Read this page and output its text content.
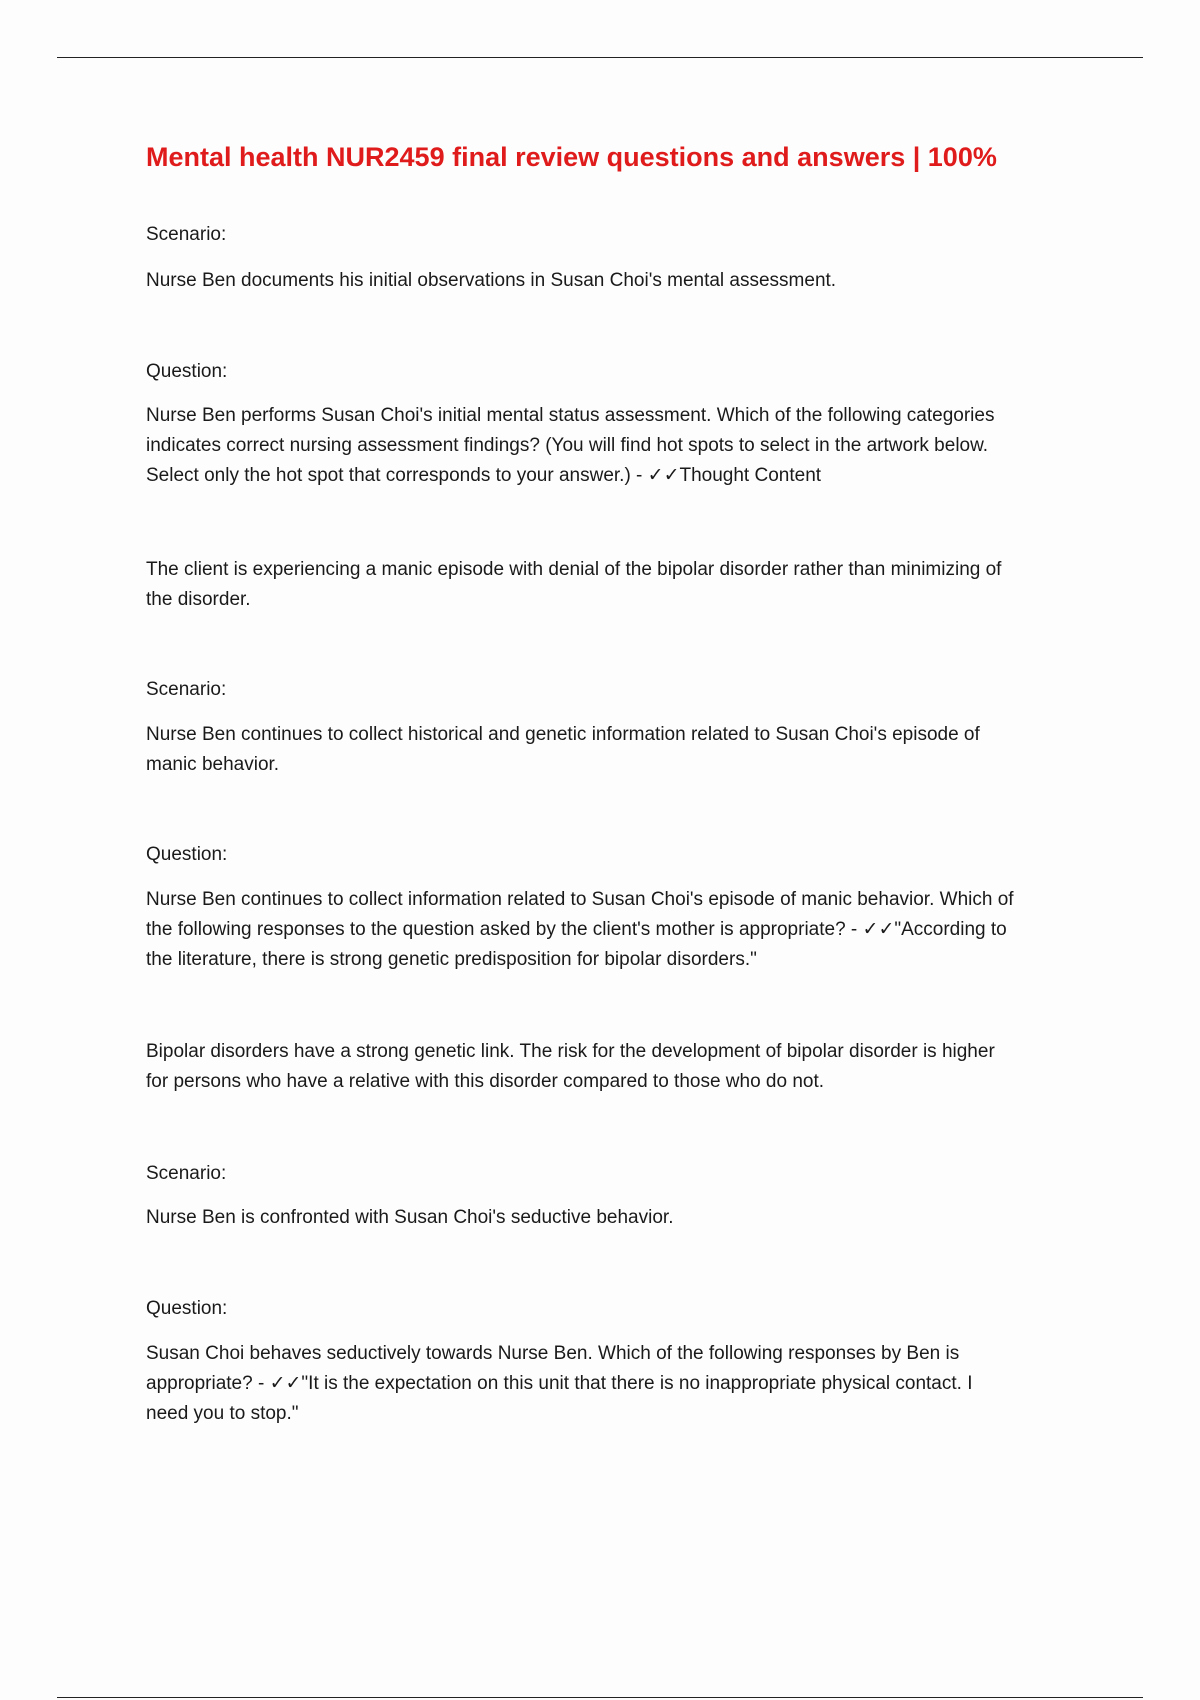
Mental health NUR2459 final review questions and answers | 100%

Scenario:

Nurse Ben documents his initial observations in Susan Choi's mental assessment.

Question:

Nurse Ben performs Susan Choi's initial mental status assessment. Which of the following categories
indicates correct nursing assessment findings? (You will find hot spots to select in the artwork below.
Select only the hot spot that corresponds to your answer.) - ✓✓Thought Content

The client is experiencing a manic episode with denial of the bipolar disorder rather than minimizing of
the disorder.

Scenario:

Nurse Ben continues to collect historical and genetic information related to Susan Choi's episode of
manic behavior.

Question:

Nurse Ben continues to collect information related to Susan Choi's episode of manic behavior. Which of
the following responses to the question asked by the client's mother is appropriate? - ✓✓"According to
the literature, there is strong genetic predisposition for bipolar disorders."

Bipolar disorders have a strong genetic link. The risk for the development of bipolar disorder is higher
for persons who have a relative with this disorder compared to those who do not.

Scenario:

Nurse Ben is confronted with Susan Choi's seductive behavior.

Question:

Susan Choi behaves seductively towards Nurse Ben. Which of the following responses by Ben is
appropriate? - ✓✓"It is the expectation on this unit that there is no inappropriate physical contact. I
need you to stop."
